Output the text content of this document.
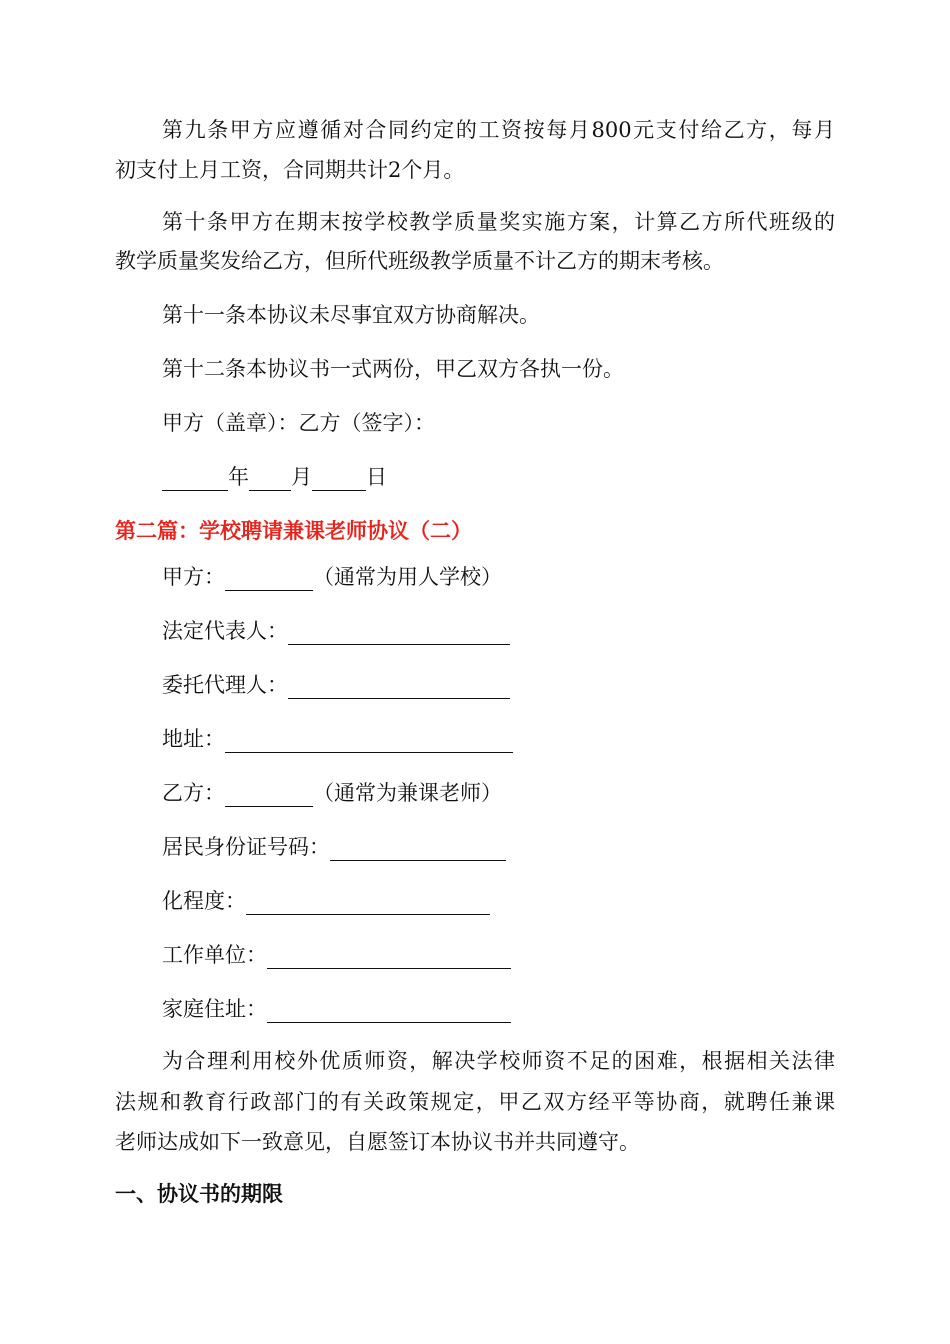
第九条甲方应遵循对合同约定的工资按每月800元支付给乙方，每月
初支付上月工资，合同期共计2个月。
第十条甲方在期末按学校教学质量奖实施方案，计算乙方所代班级的
教学质量奖发给乙方，但所代班级教学质量不计乙方的期末考核。
第十一条本协议未尽事宜双方协商解决。
第十二条本协议书一式两份，甲乙双方各执一份。
甲方（盖章）：乙方（签字）：
年 月	日
第二篇：学校聘请兼课老师协议（二）
甲方：	（通常为用人学校）
法定代表人：
委托代理人：
地址：
乙方：	（通常为兼课老师）
居民身份证号码：
化程度：
工作单位：
家庭住址：
为合理利用校外优质师资，解决学校师资不足的困难，根据相关法律
法规和教育行政部门的有关政策规定，甲乙双方经平等协商，就聘任兼课
老师达成如下一致意见，自愿签订本协议书并共同遵守。
一、协议书的期限
